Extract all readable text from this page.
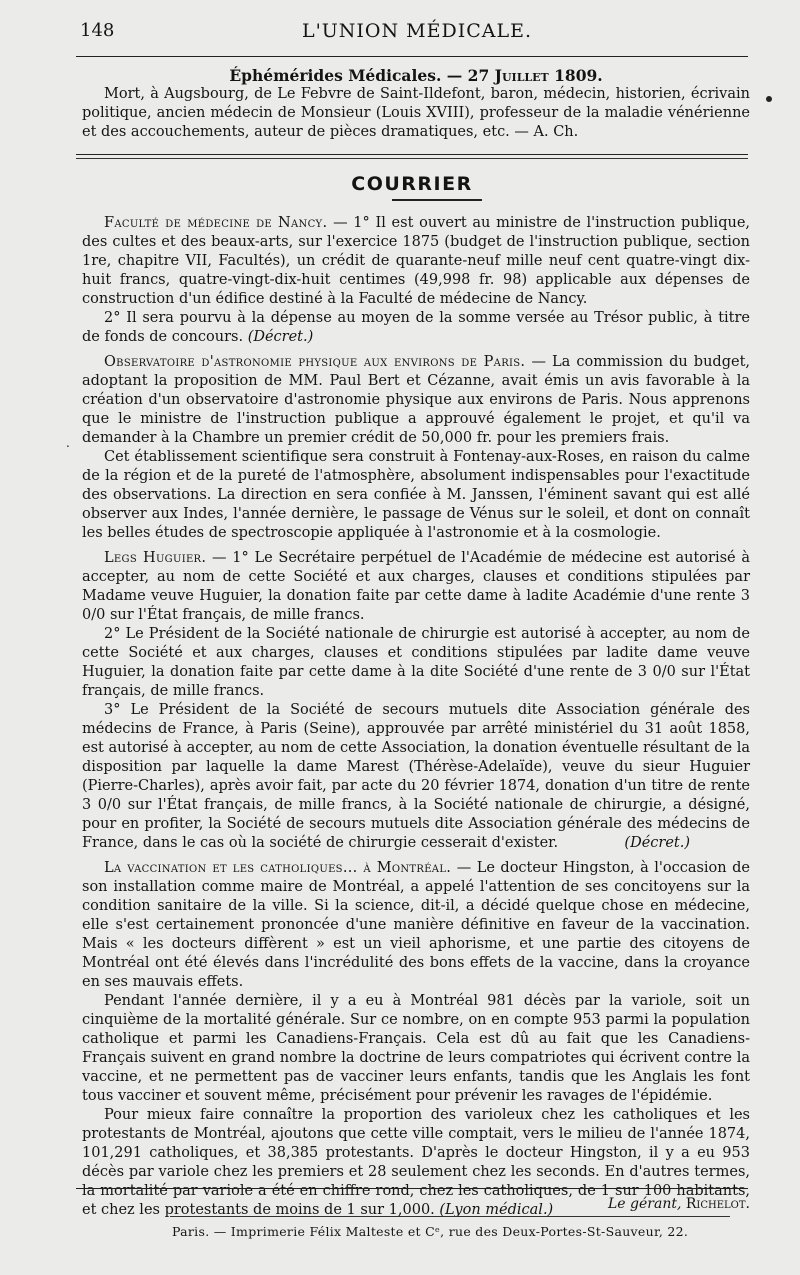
148	L'UNION MÉDICALE.

Éphémérides Médicales. — 27 Juillet 1809.

Mort, à Augsbourg, de Le Febvre de Saint-Ildefont, baron, médecin, historien, écrivain politique, ancien médecin de Monsieur (Louis XVIII), professeur de la maladie vénérienne et des accouchements, auteur de pièces dramatiques, etc. — A. Ch.

COURRIER

Faculté de médecine de Nancy. — 1° Il est ouvert au ministre de l'instruction publique, des cultes et des beaux-arts, sur l'exercice 1875 (budget de l'instruction publique, section 1re, chapitre VII, Facultés), un crédit de quarante-neuf mille neuf cent quatre-vingt dix-huit francs, quatre-vingt-dix-huit centimes (49,998 fr. 98) applicable aux dépenses de construction d'un édifice destiné à la Faculté de médecine de Nancy.

2° Il sera pourvu à la dépense au moyen de la somme versée au Trésor public, à titre de fonds de concours. (Décret.)

Observatoire d'astronomie physique aux environs de Paris. — La commission du budget, adoptant la proposition de MM. Paul Bert et Cézanne, avait émis un avis favorable à la création d'un observatoire d'astronomie physique aux environs de Paris. Nous apprenons que le ministre de l'instruction publique a approuvé également le projet, et qu'il va demander à la Chambre un premier crédit de 50,000 fr. pour les premiers frais.

Cet établissement scientifique sera construit à Fontenay-aux-Roses, en raison du calme de la région et de la pureté de l'atmosphère, absolument indispensables pour l'exactitude des observations. La direction en sera confiée à M. Janssen, l'éminent savant qui est allé observer aux Indes, l'année dernière, le passage de Vénus sur le soleil, et dont on connaît les belles études de spectroscopie appliquée à l'astronomie et à la cosmologie.

Legs Huguier. — 1° Le Secrétaire perpétuel de l'Académie de médecine est autorisé à accepter, au nom de cette Société et aux charges, clauses et conditions stipulées par Madame veuve Huguier, la donation faite par cette dame à ladite Académie d'une rente 3 0/0 sur l'État français, de mille francs.

2° Le Président de la Société nationale de chirurgie est autorisé à accepter, au nom de cette Société et aux charges, clauses et conditions stipulées par ladite dame veuve Huguier, la donation faite par cette dame à la dite Société d'une rente de 3 0/0 sur l'État français, de mille francs.

3° Le Président de la Société de secours mutuels dite Association générale des médecins de France, à Paris (Seine), approuvée par arrêté ministériel du 31 août 1858, est autorisé à accepter, au nom de cette Association, la donation éventuelle résultant de la disposition par laquelle la dame Marest (Thérèse-Adelaïde), veuve du sieur Huguier (Pierre-Charles), après avoir fait, par acte du 20 février 1874, donation d'un titre de rente 3 0/0 sur l'État français, de mille francs, à la Société nationale de chirurgie, a désigné, pour en profiter, la Société de secours mutuels dite Association générale des médecins de France, dans le cas où la société de chirurgie cesserait d'exister.	(Décret.)

La vaccination et les catholiques... à Montréal. — Le docteur Hingston, à l'occasion de son installation comme maire de Montréal, a appelé l'attention de ses concitoyens sur la condition sanitaire de la ville. Si la science, dit-il, a décidé quelque chose en médecine, elle s'est certainement prononcée d'une manière définitive en faveur de la vaccination. Mais « les docteurs diffèrent » est un vieil aphorisme, et une partie des citoyens de Montréal ont été élevés dans l'incrédulité des bons effets de la vaccine, dans la croyance en ses mauvais effets.

Pendant l'année dernière, il y a eu à Montréal 981 décès par la variole, soit un cinquième de la mortalité générale. Sur ce nombre, on en compte 953 parmi la population catholique et parmi les Canadiens-Français. Cela est dû au fait que les Canadiens-Français suivent en grand nombre la doctrine de leurs compatriotes qui écrivent contre la vaccine, et ne permettent pas de vacciner leurs enfants, tandis que les Anglais les font tous vacciner et souvent même, précisément pour prévenir les ravages de l'épidémie.

Pour mieux faire connaître la proportion des varioleux chez les catholiques et les protestants de Montréal, ajoutons que cette ville comptait, vers le milieu de l'année 1874, 101,291 catholiques, et 38,385 protestants. D'après le docteur Hingston, il y a eu 953 décès par variole chez les premiers et 28 seulement chez les seconds. En d'autres termes, la mortalité par variole a été en chiffre rond, chez les catholiques, de 1 sur 100 habitants, et chez les protestants de moins de 1 sur 1,000. (Lyon médical.)

.
Le gérant, Richelot.
Paris. — Imprimerie Félix Malteste et Cᵉ, rue des Deux-Portes-St-Sauveur, 22.
